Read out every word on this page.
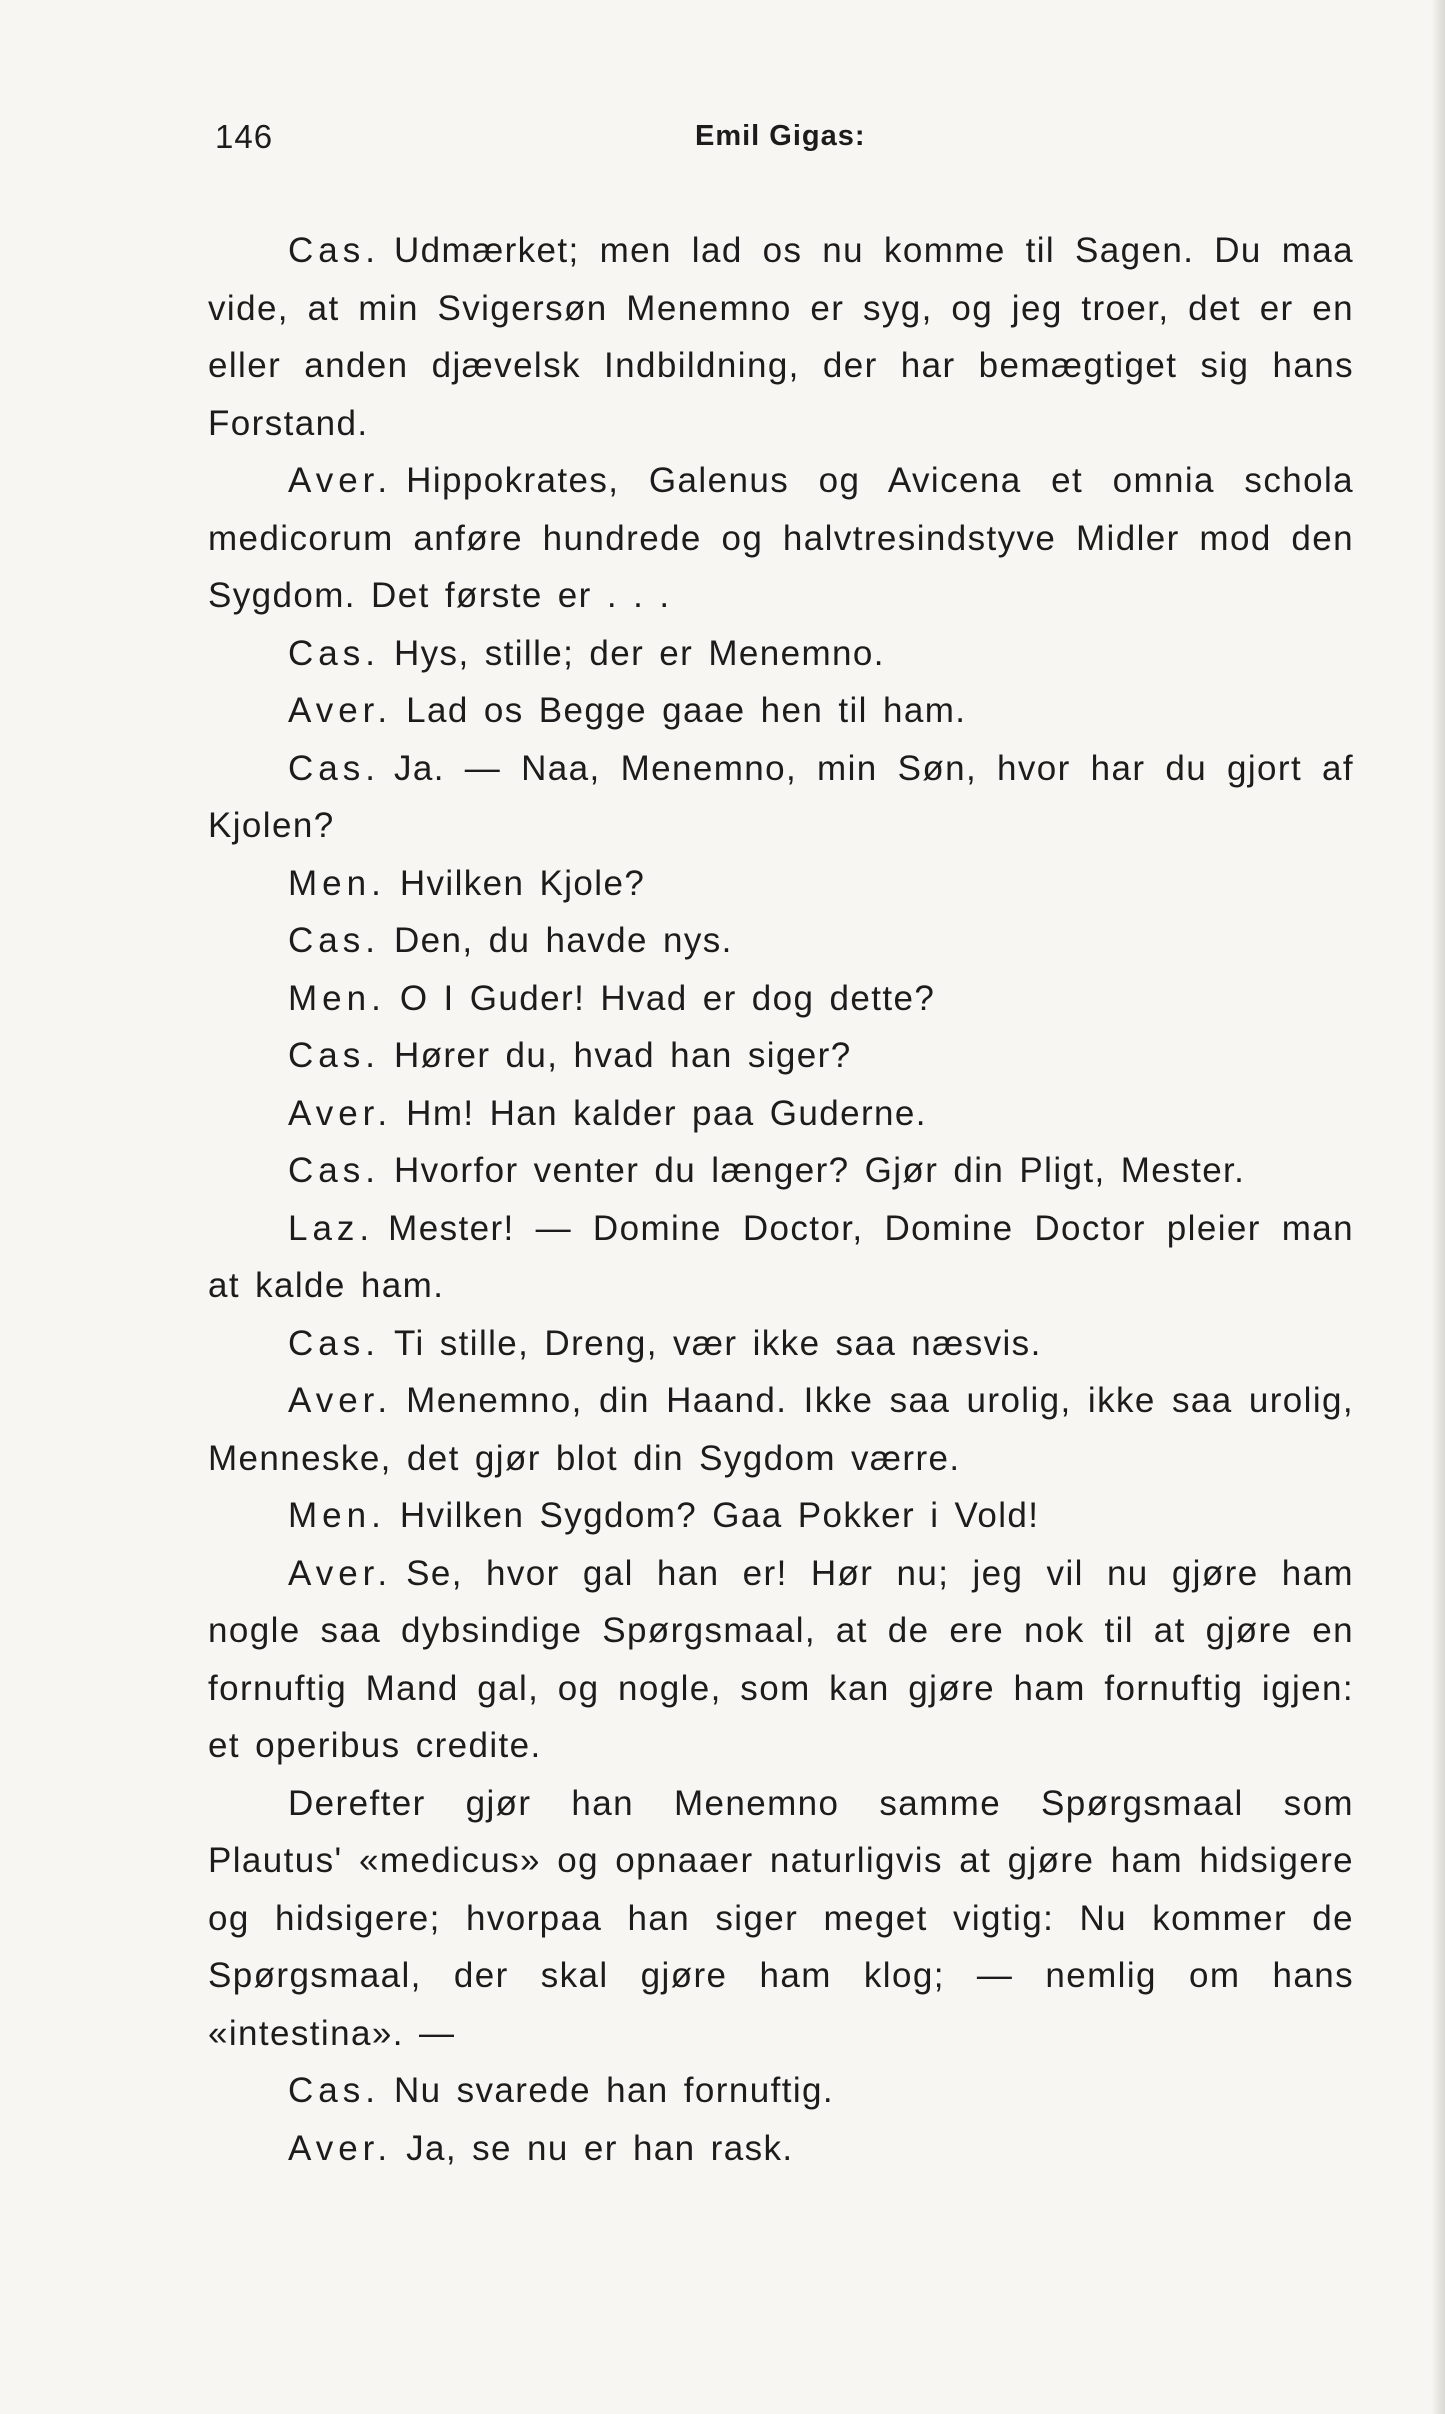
146	Emil Gigas:

Cas. Udmærket; men lad os nu komme til Sagen. Du maa vide, at min Svigersøn Menemno er syg, og jeg troer, det er en eller anden djævelsk Indbildning, der har bemægtiget sig hans Forstand.

Aver. Hippokrates, Galenus og Avicena et omnia schola medicorum anføre hundrede og halvtresindstyve Midler mod den Sygdom. Det første er . . .

Cas. Hys, stille; der er Menemno.

Aver. Lad os Begge gaae hen til ham.

Cas. Ja. — Naa, Menemno, min Søn, hvor har du gjort af Kjolen?

Men. Hvilken Kjole?

Cas. Den, du havde nys.

Men. O I Guder! Hvad er dog dette?

Cas. Hører du, hvad han siger?

Aver. Hm! Han kalder paa Guderne.

Cas. Hvorfor venter du længer? Gjør din Pligt, Mester.

Laz. Mester! — Domine Doctor, Domine Doctor pleier man at kalde ham.

Cas. Ti stille, Dreng, vær ikke saa næsvis.

Aver. Menemno, din Haand. Ikke saa urolig, ikke saa urolig, Menneske, det gjør blot din Sygdom værre.

Men. Hvilken Sygdom? Gaa Pokker i Vold!

Aver. Se, hvor gal han er! Hør nu; jeg vil nu gjøre ham nogle saa dybsindige Spørgsmaal, at de ere nok til at gjøre en fornuftig Mand gal, og nogle, som kan gjøre ham fornuftig igjen: et operibus credite.

Derefter gjør han Menemno samme Spørgsmaal som Plautus' «medicus» og opnaaer naturligvis at gjøre ham hidsigere og hidsigere; hvorpaa han siger meget vigtig: Nu kommer de Spørgsmaal, der skal gjøre ham klog; — nemlig om hans «intestina». —

Cas. Nu svarede han fornuftig.

Aver. Ja, se nu er han rask.
